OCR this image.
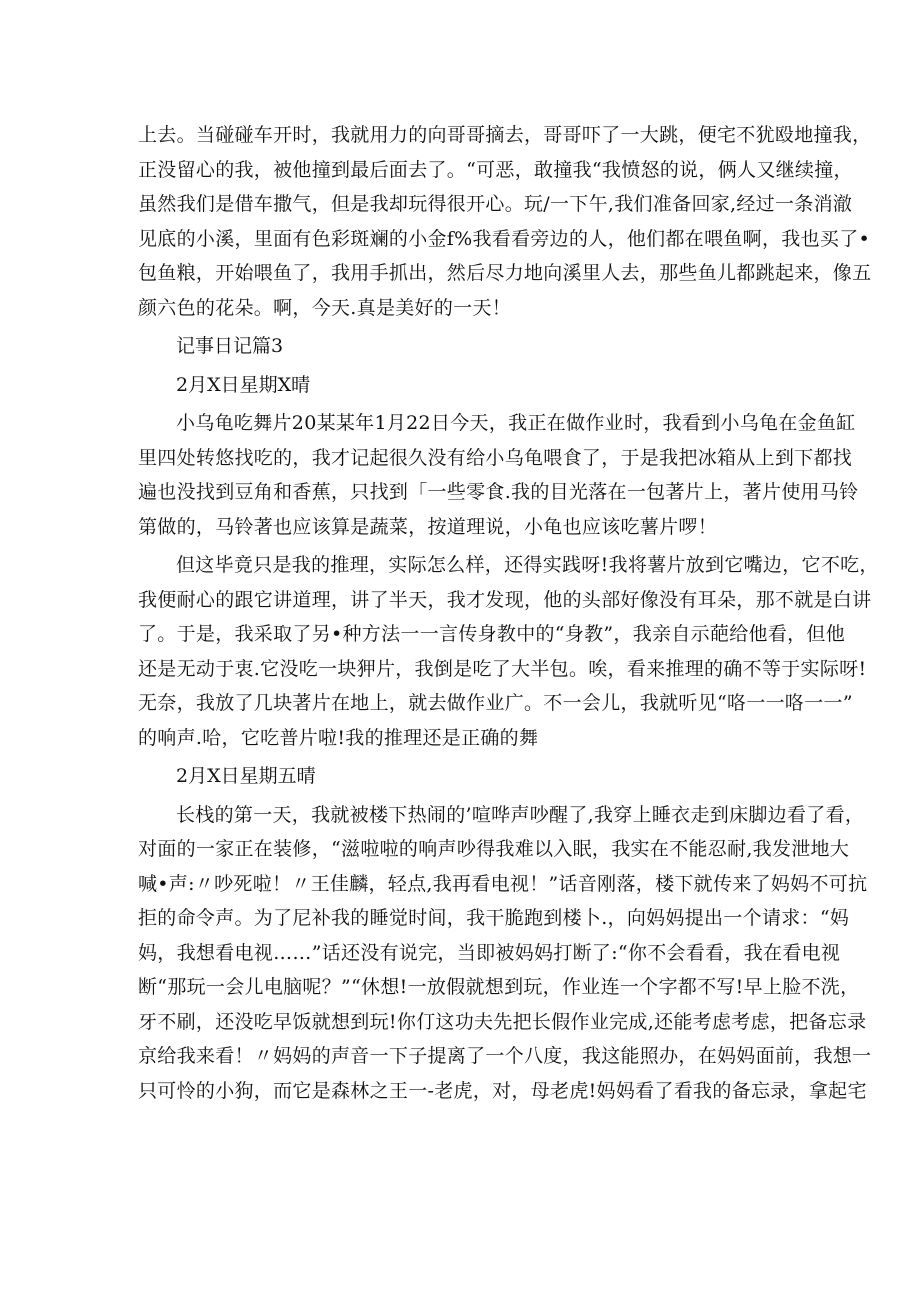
上去。当碰碰车开时，我就用力的向哥哥摘去，哥哥吓了一大跳，便宅不犹殴地撞我，
正没留心的我，被他撞到最后面去了。“可恶，敢撞我“我愤怒的说，俩人又继续撞，
虽然我们是借车撒气，但是我却玩得很开心。玩/一下午,我们准备回家,经过一条消澈
见底的小溪，里面有色彩斑斓的小金f%我看看旁边的人，他们都在喂鱼啊，我也买了•
包鱼粮，开始喂鱼了，我用手抓出，然后尽力地向溪里人去，那些鱼儿都跳起来，像五
颜六色的花朵。啊，今天.真是美好的一天！
记事日记篇3
2月X日星期X晴
小乌龟吃舞片20某某年1月22日今天，我正在做作业时，我看到小乌龟在金鱼缸
里四处转悠找吃的，我才记起很久没有给小乌龟喂食了，于是我把冰箱从上到下都找
遍也没找到豆角和香蕉，只找到「一些零食.我的目光落在一包著片上，著片使用马铃
第做的，马铃著也应该算是蔬菜，按道理说，小龟也应该吃薯片啰！
但这毕竟只是我的推理，实际怎么样，还得实践呀!我将薯片放到它嘴边，它不吃，
我便耐心的跟它讲道理，讲了半天，我才发现，他的头部好像没有耳朵，那不就是白讲
了。于是，我采取了另•种方法一一言传身教中的“身教”，我亲自示葩给他看，但他
还是无动于衷.它没吃一块狎片，我倒是吃了大半包。唉，看来推理的确不等于实际呀!
无奈，我放了几块著片在地上，就去做作业广。不一会儿，我就听见“咯一一咯一一”
的响声.哈，它吃普片啦!我的推理还是正确的舞
2月X日星期五晴
长栈的第一天，我就被楼下热闹的’喧哗声吵醒了,我穿上睡衣走到床脚边看了看，
对面的一家正在装修，“滋啦啦的响声吵得我难以入眠，我实在不能忍耐,我发泄地大
喊•声:〃吵死啦！〃王佳麟，轻点,我再看电视！”话音刚落，楼下就传来了妈妈不可抗
拒的命令声。为了尼补我的睡觉时间，我干脆跑到楼卜.，向妈妈提出一个请求：“妈
妈，我想看电视……”话还没有说完，当即被妈妈打断了:“你不会看看，我在看电视
断“那玩一会儿电脑呢？”“休想!一放假就想到玩，作业连一个字都不写!早上脸不洗，
牙不刷，还没吃早饭就想到玩!你仃这功夫先把长假作业完成,还能考虑考虑，把备忘录
京给我来看！〃妈妈的声音一下子提离了一个八度，我这能照办，在妈妈面前，我想一
只可怜的小狗，而它是森林之王一-老虎，对，母老虎!妈妈看了看我的备忘录，拿起宅
